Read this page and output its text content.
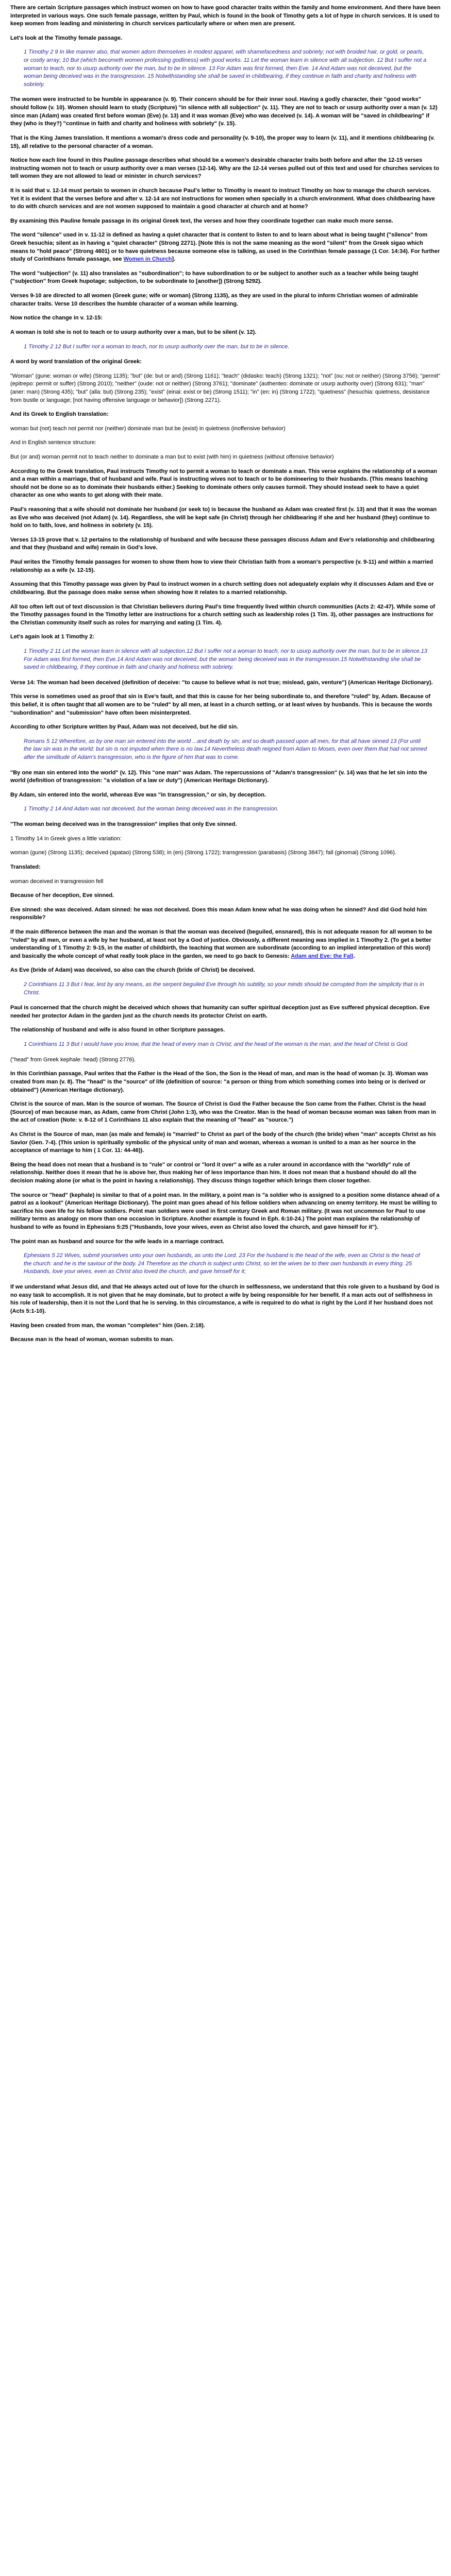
There are certain Scripture passages which instruct women on how to have good character traits within the family and home environment. And there have been interpreted in various ways. One such female passage, written by Paul, which is found in the book of Timothy gets a lot of hype in church services. It is used to keep women from leading and ministering in church services particularly where or when men are present.
Let's look at the Timothy female passage.
1 Timothy 2 9 In like manner also, that women adorn themselves in modest apparel, with shamefacedness and sobriety; not with broided hair, or gold, or pearls, or costly array; 10 But (which becometh women professing godliness) with good works. 11 Let the woman learn in silence with all subjection. 12 But I suffer not a woman to teach, nor to usurp authority over the man, but to be in silence. 13 For Adam was first formed, then Eve. 14 And Adam was not deceived, but the woman being deceived was in the transgression. 15 Notwithstanding she shall be saved in childbearing, if they continue in faith and charity and holiness with sobriety.
The women were instructed to be humble in appearance (v. 9). Their concern should be for their inner soul. Having a godly character, their "good works" should follow (v. 10). Women should learn to study (Scripture) "in silence with all subjection" (v. 11). They are not to teach or usurp authority over a man (v. 12) since man (Adam) was created first before woman (Eve) (v. 13) and it was woman (Eve) who was deceived (v. 14). A woman will be "saved in childbearing" if they (who is they?) "continue in faith and charity and holiness with sobriety" (v. 15).
That is the King James translation. It mentions a woman's dress code and personality (v. 9-10), the proper way to learn (v. 11), and it mentions childbearing (v. 15), all relative to the personal character of a woman.
Notice how each line found in this Pauline passage describes what should be a women's desirable character traits both before and after the 12-15 verses instructing women not to teach or usurp authority over a man verses (12-14). Why are the 12-14 verses pulled out of this text and used for churches services to tell women they are not allowed to lead or minister in church services?
It is said that v. 12-14 must pertain to women in church because Paul's letter to Timothy is meant to instruct Timothy on how to manage the church services. Yet it is evident that the verses before and after v. 12-14 are not instructions for women when specially in a church environment. What does childbearing have to do with church services and are not women supposed to maintain a good character at church and at home?
By examining this Pauline female passage in its original Greek text, the verses and how they coordinate together can make much more sense.
The word "silence" used in v. 11-12 is defined as having a quiet character that is content to listen to and to learn about what is being taught ("silence" from Greek hesuchia; silent as in having a "quiet character" (Strong 2271). [Note this is not the same meaning as the word "silent" from the Greek sigao which means to "hold peace" (Strong 4601) or to have quietness because someone else is talking, as used in the Corinthian female passage (1 Cor. 14:34). For further study of Corinthians female passage, see Women in Church].
The word "subjection" (v. 11) also translates as "subordination"; to have subordination to or be subject to another such as a teacher while being taught ("subjection" from Greek hupotage; subjection, to be subordinate to [another]) (Strong 5292).
Verses 9-10 are directed to all women (Greek gune; wife or woman) (Strong 1135), as they are used in the plural to inform Christian women of admirable character traits. Verse 10 describes the humble character of a woman while learning.
Now notice the change in v. 12-15:
A woman is told she is not to teach or to usurp authority over a man, but to be silent (v. 12).
1 Timothy 2 12 But I suffer not a woman to teach, nor to usurp authority over the man, but to be in silence.
A word by word translation of the original Greek:
"Woman" (gune: woman or wife) (Strong 1135); "but" (de: but or and) (Strong 1161); "teach" (didasko: teach) (Strong 1321); "not" (ou: not or neither) (Strong 3756); "permit" (epitrepo: permit or suffer) (Strong 2010); "neither" (oude: not or neither) (Strong 3761); "dominate" (authenteo: dominate or usurp authority over) (Strong 831); "man" (aner: man) (Strong 435); "but" (alla: but) (Strong 235); "exist" (einai: exist or be) (Strong 1511); "in" (en: in) (Strong 1722); "quietness" (hesuchia: quietness, desistance from bustle or language; [not having offensive language or behavior]) (Strong 2271).
And its Greek to English translation:
woman but (not) teach not permit nor (neither) dominate man but be (exist) in quietness (inoffensive behavior)
And in English sentence structure:
But (or and) woman permit not to teach neither to dominate a man but to exist (with him) in quietness (without offensive behavior)
According to the Greek translation, Paul instructs Timothy not to permit a woman to teach or dominate a man. This verse explains the relationship of a woman and a man within a marriage, that of husband and wife. Paul is instructing wives not to teach or to be domineering to their husbands. (This means teaching should not be done so as to dominate their husbands either.) Seeking to dominate others only causes turmoil. They should instead seek to have a quiet character as one who wants to get along with their mate.
Paul's reasoning that a wife should not dominate her husband (or seek to) is because the husband as Adam was created first (v. 13) and that it was the woman as Eve who was deceived (not Adam) (v. 14). Regardless, she will be kept safe (in Christ) through her childbearing if she and her husband (they) continue to hold on to faith, love, and holiness in sobriety (v. 15).
Verses 13-15 prove that v. 12 pertains to the relationship of husband and wife because these passages discuss Adam and Eve's relationship and childbearing and that they (husband and wife) remain in God's love.
Paul writes the Timothy female passages for women to show them how to view their Christian faith from a woman's perspective (v. 9-11) and within a married relationship as a wife (v. 12-15).
Assuming that this Timothy passage was given by Paul to instruct women in a church setting does not adequately explain why it discusses Adam and Eve or childbearing. But the passage does make sense when showing how it relates to a married relationship.
All too often left out of text discussion is that Christian believers during Paul's time frequently lived within church communities (Acts 2: 42-47). While some of the Timothy passages found in the Timothy letter are instructions for a church setting such as leadership roles (1 Tim. 3), other passages are instructions for the Christian community itself such as roles for marrying and eating (1 Tim. 4).
Let's again look at 1 Timothy 2:
1 Timothy 2 11 Let the woman learn in silence with all subjection.12 But I suffer not a woman to teach, nor to usurp authority over the man, but to be in silence.13 For Adam was first formed, then Eve.14 And Adam was not deceived, but the woman being deceived was in the transgression.15 Notwithstanding she shall be saved in childbearing, if they continue in faith and charity and holiness with sobriety.
Verse 14: The woman had been deceived (definition of deceive: "to cause to believe what is not true; mislead, gain, venture") (American Heritage Dictionary).
This verse is sometimes used as proof that sin is Eve's fault, and that this is cause for her being subordinate to, and therefore "ruled" by, Adam. Because of this belief, it is often taught that all women are to be "ruled" by all men, at least in a church setting, or at least wives by husbands. This is because the words "subordination" and "submission" have often been misinterpreted.
According to other Scripture written by Paul, Adam was not deceived, but he did sin.
Romans 5 12 Wherefore, as by one man sin entered into the world ...and death by sin; and so death passed upon all men, for that all have sinned 13 (For until the law sin was in the world: but sin is not imputed when there is no law.14 Nevertheless death reigned from Adam to Moses, even over them that had not sinned after the similitude of Adam's transgression, who is the figure of him that was to come.
"By one man sin entered into the world" (v. 12). This "one man" was Adam. The repercussions of "Adam's transgression" (v. 14) was that he let sin into the world (definition of transgression: "a violation of a law or duty") (American Heritage Dictionary).
By Adam, sin entered into the world, whereas Eve was "in transgression," or sin, by deception.
1 Timothy 2 14 And Adam was not deceived, but the woman being deceived was in the transgression.
"The woman being deceived was in the transgression" implies that only Eve sinned.
1 Timothy 14 in Greek gives a little variation:
woman (gune) (Strong 1135); deceived (apatao) (Strong 538); in (en) (Strong 1722); transgression (parabasis) (Strong 3847); fall (ginomai) (Strong 1096).
Translated:
woman deceived in transgression fell
Because of her deception, Eve sinned.
Eve sinned: she was deceived. Adam sinned: he was not deceived. Does this mean Adam knew what he was doing when he sinned? And did God hold him responsible?
If the main difference between the man and the woman is that the woman was deceived (beguiled, ensnared), this is not adequate reason for all women to be "ruled" by all men, or even a wife by her husband, at least not by a God of justice. Obviously, a different meaning was implied in 1 Timothy 2. (To get a better understanding of 1 Timothy 2: 9-15, in the matter of childbirth, the teaching that women are subordinate (according to an implied interpretation of this word) and basically the whole concept of what really took place in the garden, we need to go back to Genesis: Adam and Eve: the Fall.
As Eve (bride of Adam) was deceived, so also can the church (bride of Christ) be deceived.
2 Corinthians 11 3 But I fear, lest by any means, as the serpent beguiled Eve through his subtilty, so your minds should be corrupted from the simplicity that is in Christ.
Paul is concerned that the church might be deceived which shows that humanity can suffer spiritual deception just as Eve suffered physical deception. Eve needed her protector Adam in the garden just as the church needs its protector Christ on earth.
The relationship of husband and wife is also found in other Scripture passages.
1 Corinthians 11 3 But I would have you know, that the head of every man is Christ; and the head of the woman is the man; and the head of Christ is God.
("head" from Greek kephale: head) (Strong 2776).
In this Corinthian passage, Paul writes that the Father is the Head of the Son, the Son is the Head of man, and man is the head of woman (v. 3). Woman was created from man (v. 8). The "head" is the "source" of life (definition of source: "a person or thing from which something comes into being or is derived or obtained") (American Heritage dictionary).
Christ is the source of man. Man is the source of woman. The Source of Christ is God the Father because the Son came from the Father. Christ is the head (Source) of man because man, as Adam, came from Christ (John 1:3), who was the Creator. Man is the head of woman because woman was taken from man in the act of creation (Note: v. 8-12 of 1 Corinthians 11 also explain that the meaning of "head" as "source.")
As Christ is the Source of man, man (as male and female) is "married" to Christ as part of the body of the church (the bride) when "man" accepts Christ as his Savior (Gen. 7-4). (This union is spiritually symbolic of the physical unity of man and woman, whereas a woman is united to a man as her source in the acceptance of marriage to him ( 1 Cor. 11: 44-46)).
Being the head does not mean that a husband is to "rule" or control or "lord it over" a wife as a ruler around in accordance with the "worldly" rule of relationship. Neither does it mean that he is above her, thus making her of less importance than him. It does not mean that a husband should do all the decision making alone (or what is the point in having a relationship). They discuss things together which brings them closer together.
The source or "head" (kephale) is similar to that of a point man. In the military, a point man is "a soldier who is assigned to a position some distance ahead of a patrol as a lookout" (American Heritage Dictionary). The point man goes ahead of his fellow soldiers when advancing on enemy territory. He must be willing to sacrifice his own life for his fellow soldiers. Point man soldiers were used in first century Greek and Roman military. (It was not uncommon for Paul to use military terms as analogy on more than one occasion in Scripture. Another example is found in Eph. 6:10-24.) The point man explains the relationship of husband to wife as found in Ephesians 5:25 ("Husbands, love your wives, even as Christ also loved the church, and gave himself for it").
The point man as husband and source for the wife leads in a marriage contract.
Ephesians 5 22 Wives, submit yourselves unto your own husbands, as unto the Lord. 23 For the husband is the head of the wife, even as Christ is the head of the church: and he is the saviour of the body. 24 Therefore as the church is subject unto Christ, so let the wives be to their own husbands in every thing. 25 Husbands, love your wives, even as Christ also loved the church, and gave himself for it;
If we understand what Jesus did, and that He always acted out of love for the church in selflessness, we understand that this role given to a husband by God is no easy task to accomplish. It is not given that he may dominate, but to protect a wife by being responsible for her benefit. If a man acts out of selfishness in his role of leadership, then it is not the Lord that he is serving. In this circumstance, a wife is required to do what is right by the Lord if her husband does not (Acts 5:1-10).
Having been created from man, the woman "completes" him (Gen. 2:18).
Because man is the head of woman, woman submits to man.
